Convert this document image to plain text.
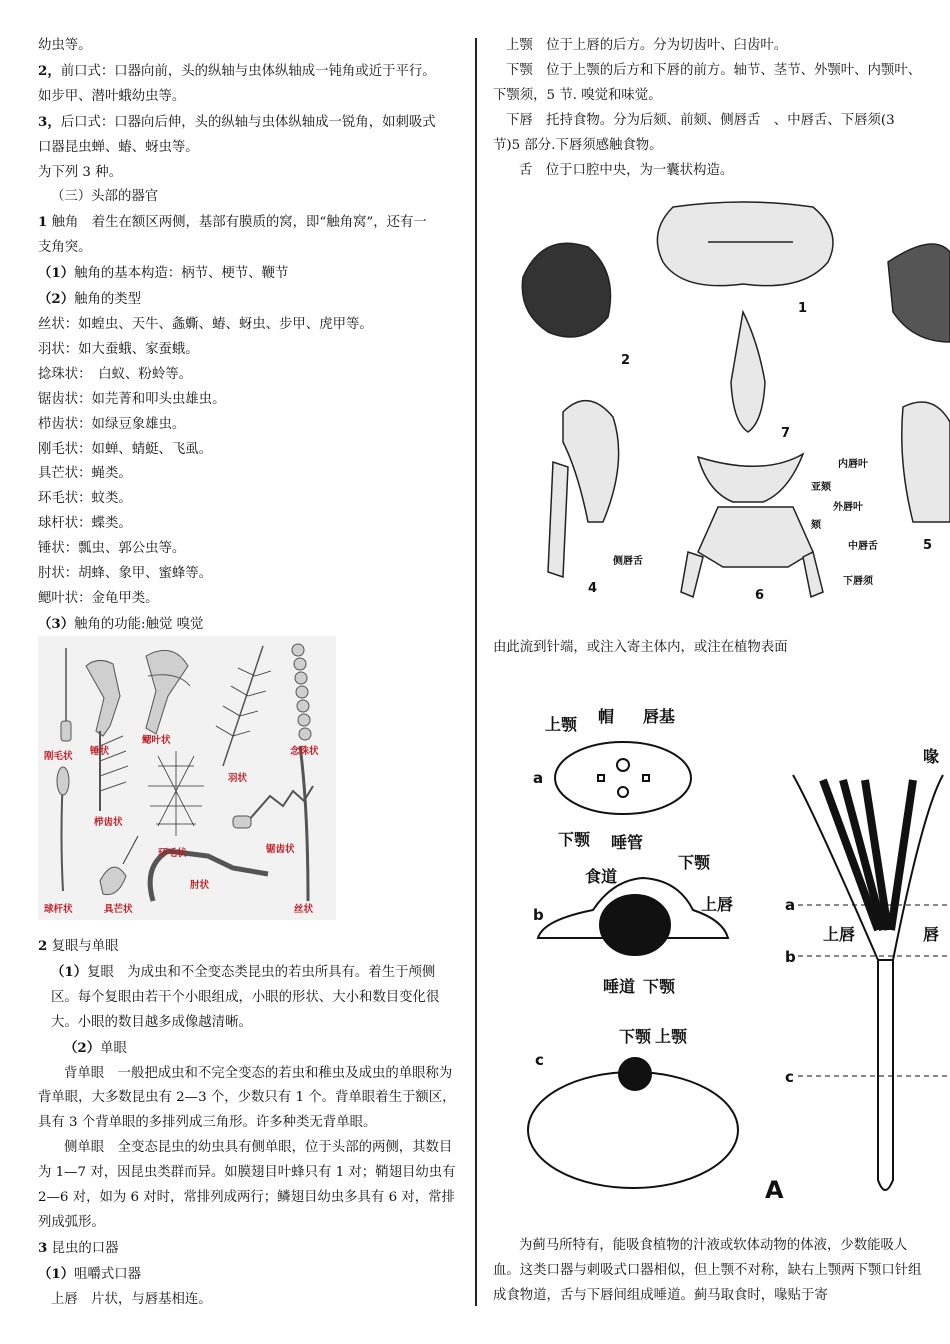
幼虫等。

2，前口式：口器向前，头的纵轴与虫体纵轴成一钝角或近于平行。

如步甲、潜叶蛾幼虫等。

3，后口式：口器向后伸，头的纵轴与虫体纵轴成一锐角，如刺吸式

口器昆虫蝉、蝽、蚜虫等。

为下列 3 种。

（三）头部的器官

1 触角　着生在额区两侧，基部有膜质的窝，即“触角窝”，还有一

支角突。

（1）触角的基本构造：柄节、梗节、鞭节

（2）触角的类型

丝状：如蝗虫、天牛、螽蟖、蝽、蚜虫、步甲、虎甲等。

羽状：如大蚕蛾、家蚕蛾。

捻珠状：　白蚁、粉蛉等。

锯齿状：如芫菁和叩头虫雄虫。

栉齿状：如绿豆象雄虫。

刚毛状：如蝉、蜻蜓、飞虱。

具芒状：蝇类。

环毛状：蚊类。

球杆状：蝶类。

锤状：瓢虫、郭公虫等。

肘状：胡蜂、象甲、蜜蜂等。

鳃叶状：金龟甲类。

（3）触角的功能:触觉 嗅觉

刚毛状 锤状
鳃叶状
羽状
念珠状
栉齿状
环毛状	锯齿状
肘状
球杆状	具芒状	丝状

2 复眼与单眼

（1）复眼　为成虫和不全变态类昆虫的若虫所具有。着生于颅侧区。每个复眼由若干个小眼组成，小眼的形状、大小和数目变化很大。小眼的数目越多成像越清晰。

（2）单眼

背单眼　一般把成虫和不完全变态的若虫和稚虫及成虫的单眼称为背单眼，大多数昆虫有 2—3 个，少数只有 1 个。背单眼着生于额区，具有 3 个背单眼的多排列成三角形。许多种类无背单眼。

侧单眼　全变态昆虫的幼虫具有侧单眼，位于头部的两侧，其数目为 1—7 对，因昆虫类群而异。如膜翅目叶蜂只有 1 对；鞘翅目幼虫有 2—6 对，如为 6 对时，常排列成两行；鳞翅目幼虫多具有 6 对，常排列成弧形。

3 昆虫的口器

（1）咀嚼式口器

上唇　片状，与唇基相连。

上颚　位于上唇的后方。分为切齿叶、臼齿叶。

下颚　位于上颚的后方和下唇的前方。轴节、茎节、外颚叶、内颚叶、下颚须，5 节. 嗅觉和味觉。

下唇　托持食物。分为后颏、前颏、侧唇舌　、中唇舌、下唇须(3 节)5 部分.下唇须感触食物。

舌　位于口腔中央，为一囊状构造。

1
2
7
4	6
5
内唇叶
亚颏
外唇叶
颏
中唇舌
侧唇舌
下唇须

由此流到针端，或注入寄主体内，或注在植物表面

a
b
c
A
a
b
c
上颚 帽 唇基
下颚 唾管
食道
下颚
上唇
唾道 下颚
下颚 上颚
上唇	唇
喙

为蓟马所特有，能吸食植物的汁液或软体动物的体液，少数能吸人血。这类口器与刺吸式口器相似，但上颚不对称，缺右上颚两下颚口针组成食物道，舌与下唇间组成唾道。蓟马取食时，喙贴于寄
